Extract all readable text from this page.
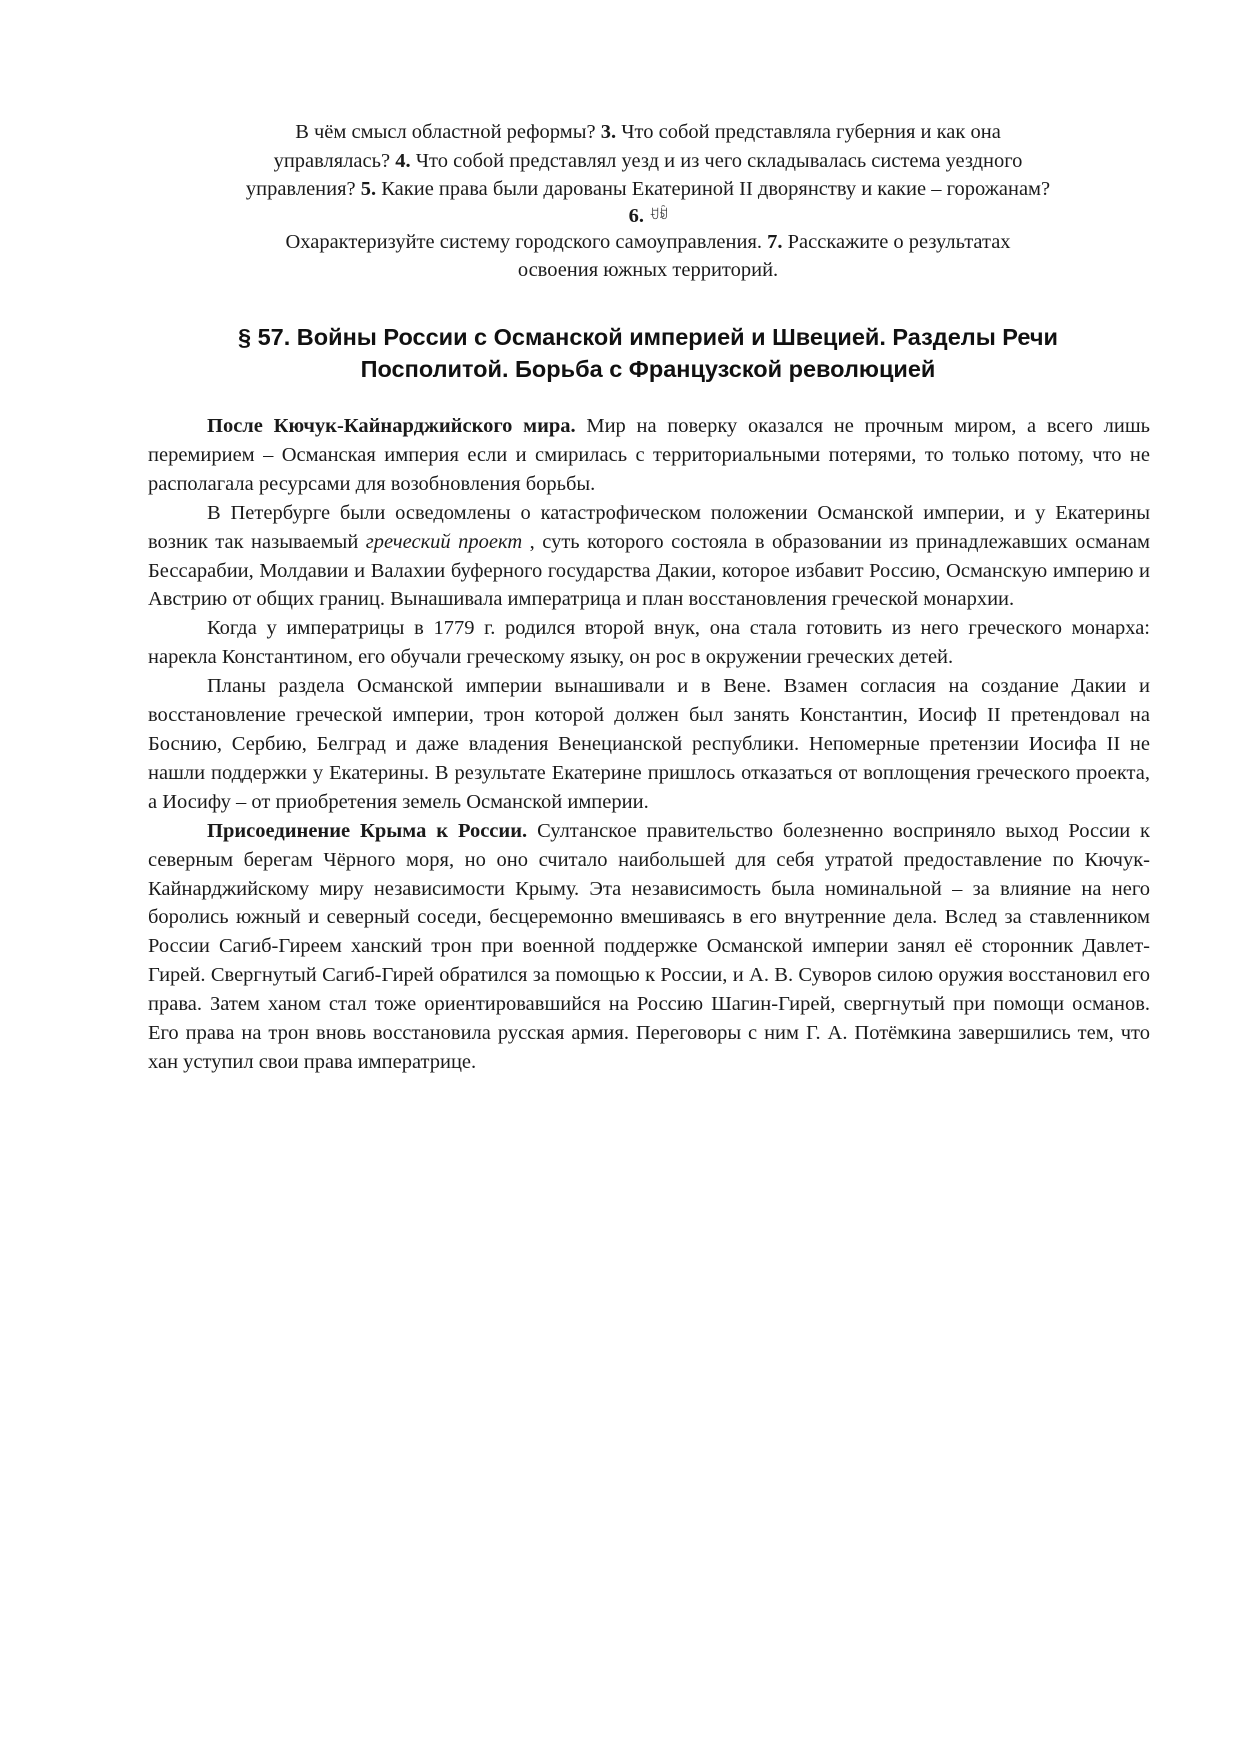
В чём смысл областной реформы? 3. Что собой представляла губерния и как она

управлялась? 4. Что собой представлял уезд и из чего складывалась система уездного

управления? 5. Какие права были дарованы Екатериной II дворянству и какие – горожанам?

6. ꀀꀁ

Охарактеризуйте систему городского самоуправления. 7. Расскажите о результатах

освоения южных территорий.

§ 57. Войны России с Османской империей и Швецией. Разделы Речи
Посполитой. Борьба с Французской революцией

После Кючук-Кайнарджийского мира. Мир на поверку оказался не прочным миром, а всего лишь перемирием – Османская империя если и смирилась с территориальными потерями, то только потому, что не располагала ресурсами для возобновления борьбы.

В Петербурге были осведомлены о катастрофическом положении Османской империи, и у Екатерины возник так называемый греческий проект , суть которого состояла в образовании из принадлежавших османам Бессарабии, Молдавии и Валахии буферного государства Дакии, которое избавит Россию, Османскую империю и Австрию от общих границ. Вынашивала императрица и план восстановления греческой монархии.

Когда у императрицы в 1779 г. родился второй внук, она стала готовить из него греческого монарха: нарекла Константином, его обучали греческому языку, он рос в окружении греческих детей.

Планы раздела Османской империи вынашивали и в Вене. Взамен согласия на создание Дакии и восстановление греческой империи, трон которой должен был занять Константин, Иосиф II претендовал на Боснию, Сербию, Белград и даже владения Венецианской республики. Непомерные претензии Иосифа II не нашли поддержки у Екатерины. В результате Екатерине пришлось отказаться от воплощения греческого проекта, а Иосифу – от приобретения земель Османской империи.

Присоединение Крыма к России. Султанское правительство болезненно восприняло выход России к северным берегам Чёрного моря, но оно считало наибольшей для себя утратой предоставление по Кючук-Кайнарджийскому миру независимости Крыму. Эта независимость была номинальной – за влияние на него боролись южный и северный соседи, бесцеремонно вмешиваясь в его внутренние дела. Вслед за ставленником России Сагиб-Гиреем ханский трон при военной поддержке Османской империи занял её сторонник Давлет-Гирей. Свергнутый Сагиб-Гирей обратился за помощью к России, и А. В. Суворов силою оружия восстановил его права. Затем ханом стал тоже ориентировавшийся на Россию Шагин-Гирей, свергнутый при помощи османов. Его права на трон вновь восстановила русская армия. Переговоры с ним Г. А. Потёмкина завершились тем, что хан уступил свои права императрице.
